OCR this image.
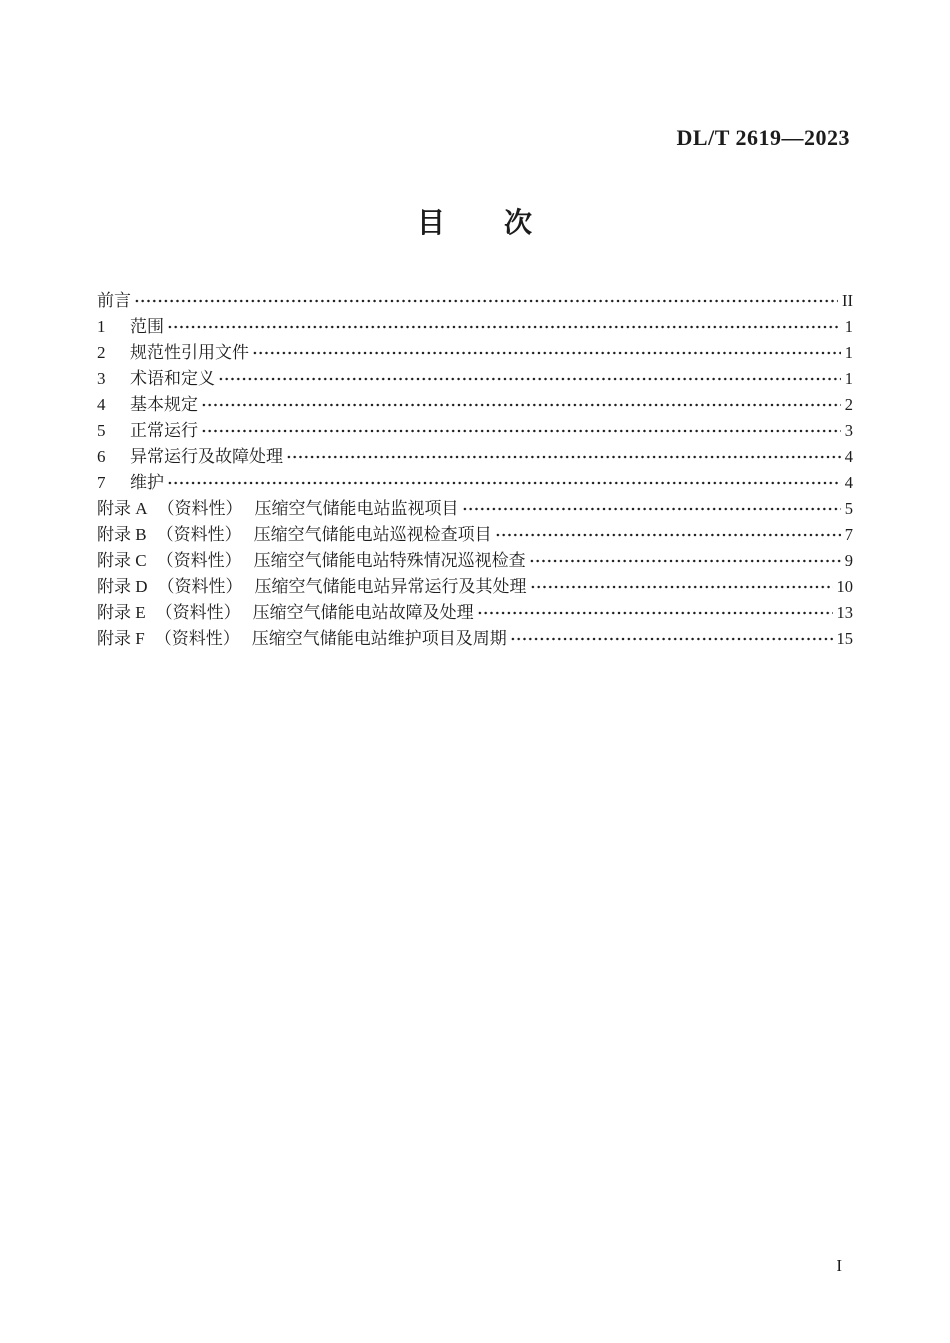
DL/T 2619—2023
目　　次
前言	II
1	范围	1
2	规范性引用文件	1
3	术语和定义	1
4	基本规定	2
5	正常运行	3
6	异常运行及故障处理	4
7	维护	4
附录 A （资料性） 压缩空气储能电站监视项目	5
附录 B （资料性） 压缩空气储能电站巡视检查项目	7
附录 C （资料性） 压缩空气储能电站特殊情况巡视检查	9
附录 D （资料性） 压缩空气储能电站异常运行及其处理	10
附录 E （资料性） 压缩空气储能电站故障及处理	13
附录 F （资料性） 压缩空气储能电站维护项目及周期	15
I
